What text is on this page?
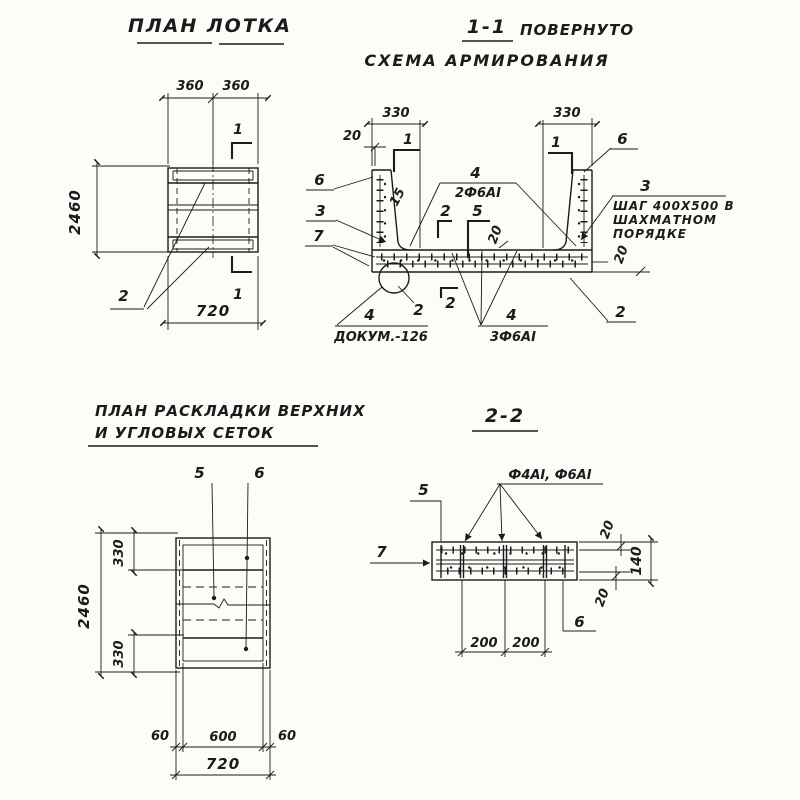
ПЛАН ЛОТКА
360 360
1
1
2
2460
720
1-1 ПОВЕРНУТО
СХЕМА АРМИРОВАНИЯ
330	330
20	1	1
6
3
7
15
4
2Ф6АI
2 5
20
2
4
ДОКУМ.-126
2	4
3Ф6АI
6
3
ШАГ 400Х500 В
ШАХМАТНОМ
ПОРЯДКЕ
20
2
ПЛАН РАСКЛАДКИ ВЕРХНИХ
И УГЛОВЫХ СЕТОК
5	6
2460
330
330
60	600	60
720
2-2
Ф4АI, Ф6АI
5
7
6
20
140
20
200 200
